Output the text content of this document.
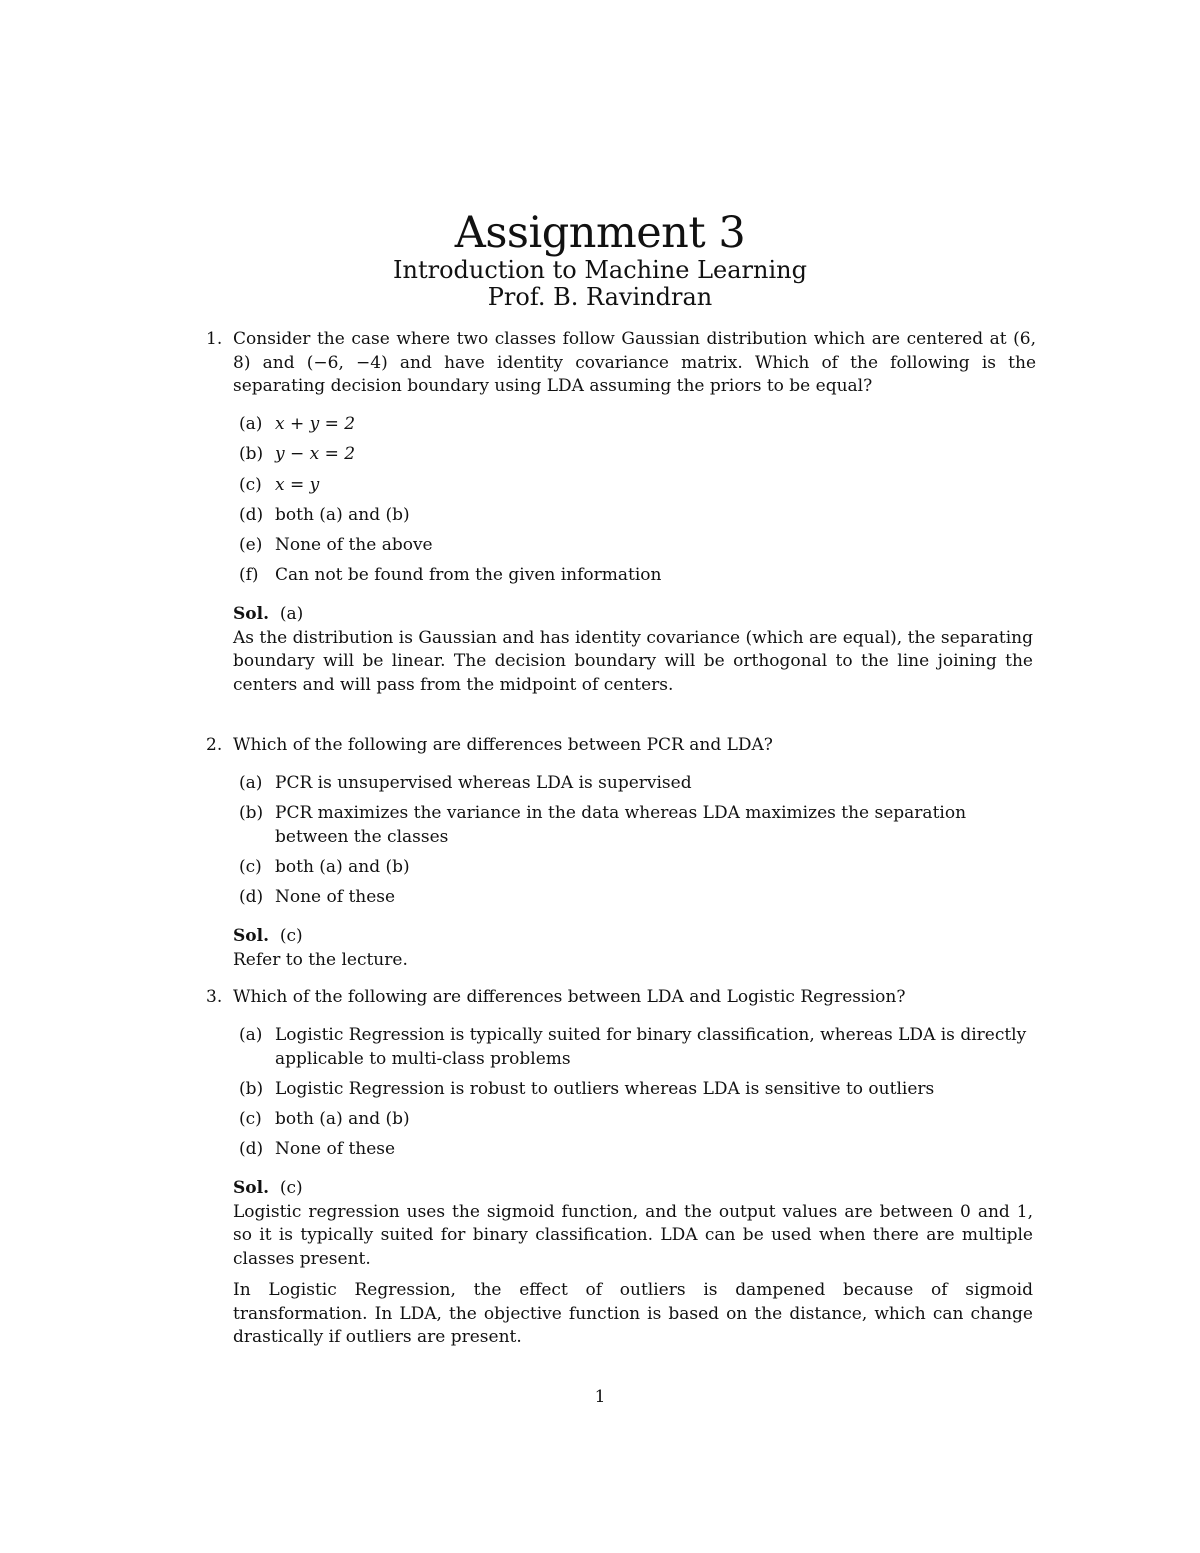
Assignment 3
Introduction to Machine Learning
Prof. B. Ravindran
1. Consider the case where two classes follow Gaussian distribution which are centered at (6, 8) and (−6, −4) and have identity covariance matrix. Which of the following is the separating decision boundary using LDA assuming the priors to be equal?
(a) x + y = 2
(b) y − x = 2
(c) x = y
(d) both (a) and (b)
(e) None of the above
(f) Can not be found from the given information
Sol. (a)

As the distribution is Gaussian and has identity covariance (which are equal), the separating boundary will be linear. The decision boundary will be orthogonal to the line joining the centers and will pass from the midpoint of centers.

2. Which of the following are differences between PCR and LDA?
(a) PCR is unsupervised whereas LDA is supervised
(b) PCR maximizes the variance in the data whereas LDA maximizes the separation between the classes
(c) both (a) and (b)
(d) None of these
Sol. (c)

Refer to the lecture.

3. Which of the following are differences between LDA and Logistic Regression?
(a) Logistic Regression is typically suited for binary classification, whereas LDA is directly applicable to multi-class problems
(b) Logistic Regression is robust to outliers whereas LDA is sensitive to outliers
(c) both (a) and (b)
(d) None of these
Sol. (c)

Logistic regression uses the sigmoid function, and the output values are between 0 and 1, so it is typically suited for binary classification. LDA can be used when there are multiple classes present.

In Logistic Regression, the effect of outliers is dampened because of sigmoid transformation. In LDA, the objective function is based on the distance, which can change drastically if outliers are present.

1
